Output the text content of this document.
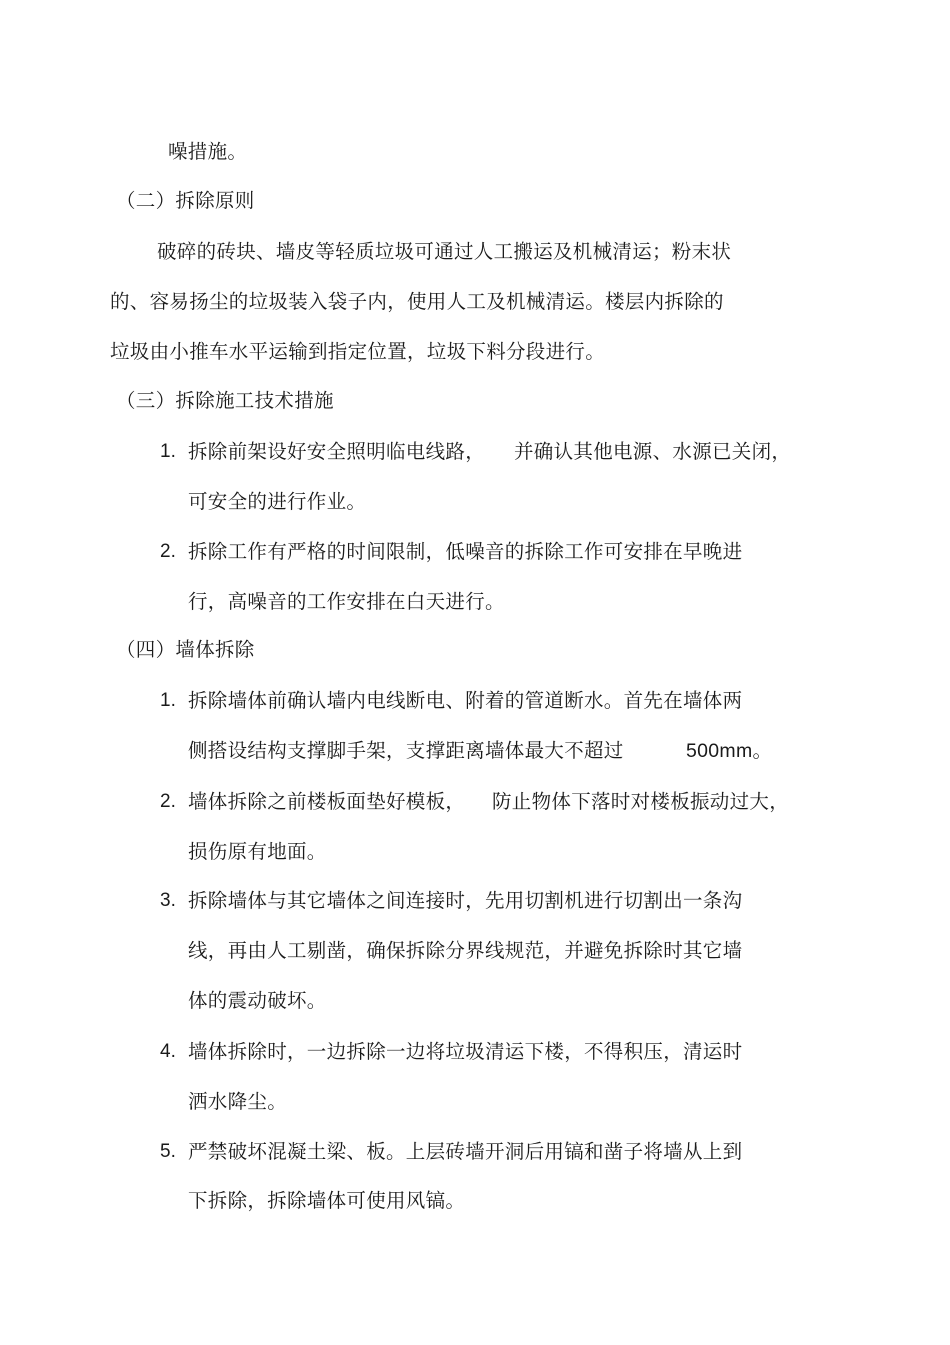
噪措施。
（二）拆除原则
破碎的砖块、墙皮等轻质垃圾可通过人工搬运及机械清运；粉末状
的、容易扬尘的垃圾装入袋子内，使用人工及机械清运。楼层内拆除的
垃圾由小推车水平运输到指定位置，垃圾下料分段进行。
（三）拆除施工技术措施
1. 拆除前架设好安全照明临电线路， 并确认其他电源、水源已关闭，
可安全的进行作业。
2. 拆除工作有严格的时间限制，低噪音的拆除工作可安排在早晚进
行，高噪音的工作安排在白天进行。
（四）墙体拆除
1. 拆除墙体前确认墙内电线断电、附着的管道断水。首先在墙体两
侧搭设结构支撑脚手架，支撑距离墙体最大不超过	500mm。
2. 墙体拆除之前楼板面垫好模板， 防止物体下落时对楼板振动过大，
损伤原有地面。
3. 拆除墙体与其它墙体之间连接时，先用切割机进行切割出一条沟
线，再由人工剔凿，确保拆除分界线规范，并避免拆除时其它墙
体的震动破坏。
4. 墙体拆除时，一边拆除一边将垃圾清运下楼，不得积压，清运时
洒水降尘。
5. 严禁破坏混凝土梁、板。上层砖墙开洞后用镐和凿子将墙从上到
下拆除，拆除墙体可使用风镐。
